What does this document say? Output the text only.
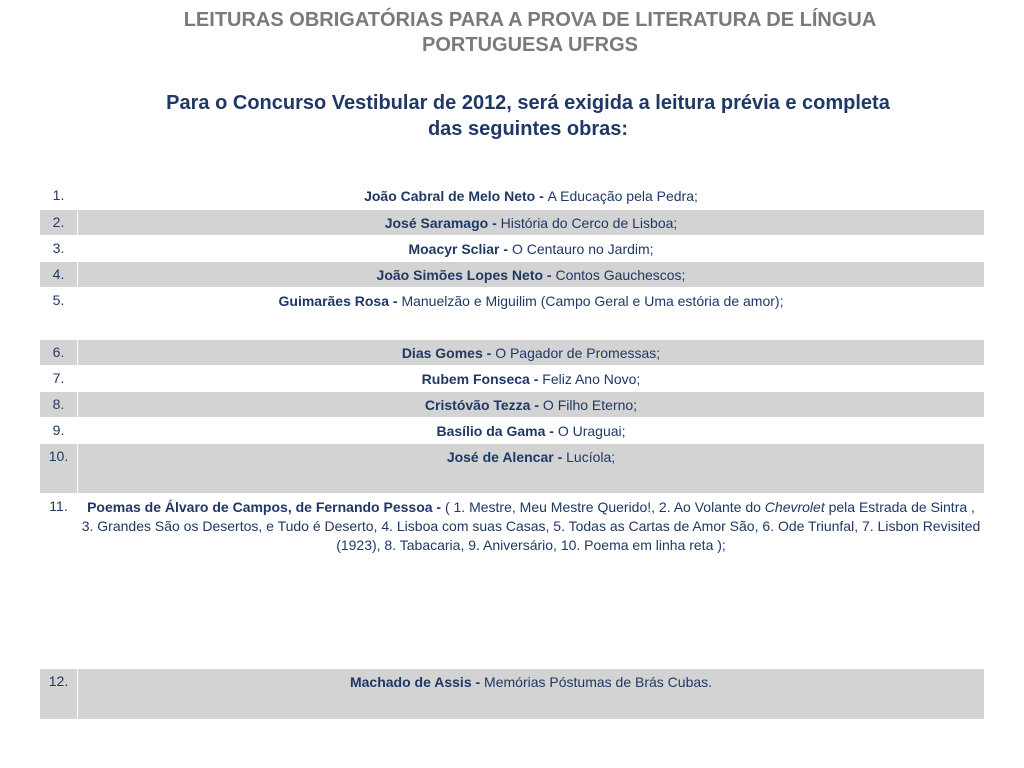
LEITURAS OBRIGATÓRIAS PARA A PROVA DE LITERATURA DE LÍNGUA
PORTUGUESA UFRGS
Para o Concurso Vestibular de 2012, será exigida a leitura prévia e completa
das seguintes obras:
1.	João Cabral de Melo Neto - A Educação pela Pedra;
2.	José Saramago - História do Cerco de Lisboa;
3.	Moacyr Scliar - O Centauro no Jardim;
4.	João Simões Lopes Neto - Contos Gauchescos;
5.	Guimarães Rosa - Manuelzão e Miguilim (Campo Geral e Uma estória de amor);
6.	Dias Gomes - O Pagador de Promessas;
7.	Rubem Fonseca - Feliz Ano Novo;
8.	Cristóvão Tezza - O Filho Eterno;
9.	Basílio da Gama - O Uraguai;
10.	José de Alencar - Lucíola;
11.	Poemas de Álvaro de Campos, de Fernando Pessoa - ( 1. Mestre, Meu Mestre Querido!, 2. Ao Volante do Chevrolet pela Estrada de Sintra , 3. Grandes São os Desertos, e Tudo é Deserto, 4. Lisboa com suas Casas, 5. Todas as Cartas de Amor São, 6. Ode Triunfal, 7. Lisbon Revisited (1923), 8. Tabacaria, 9. Aniversário, 10. Poema em linha reta );
12.	Machado de Assis - Memórias Póstumas de Brás Cubas.
